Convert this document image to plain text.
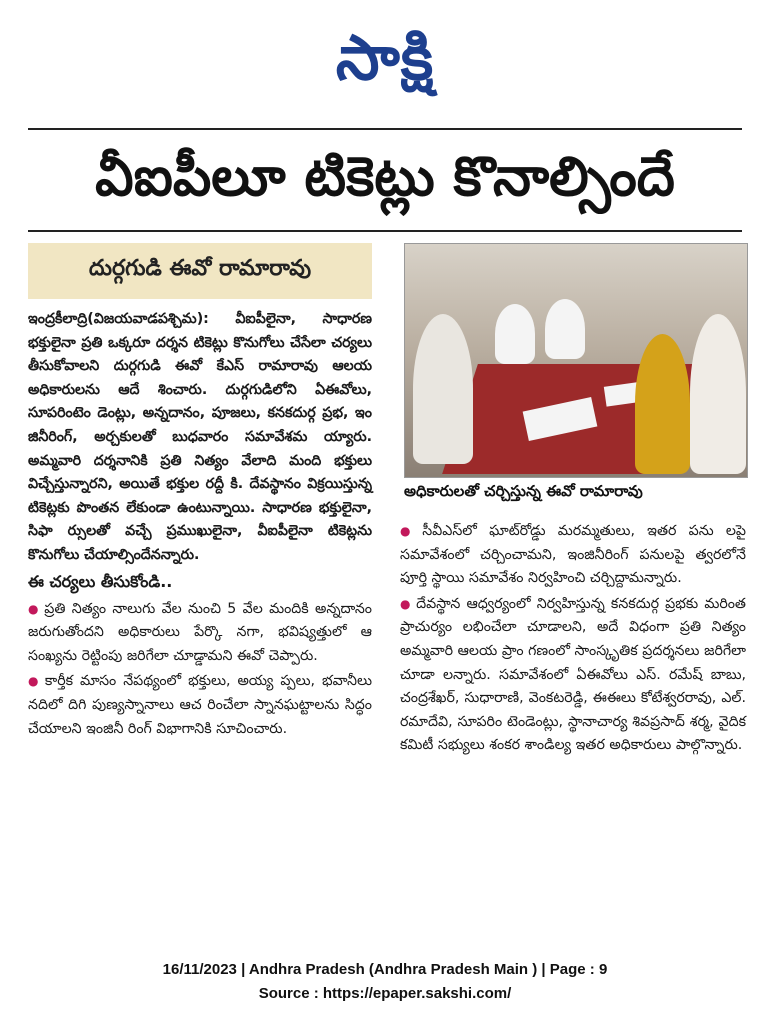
సాక్షి
వీఐపీలూ టికెట్లు కొనాల్సిందే
దుర్గగుడి ఈవో రామారావు

ఇంద్రకీలాద్రి(విజయవాడపశ్చిమ): వీఐపీలైనా, సాధారణ భక్తులైనా ప్రతి ఒక్కరూ దర్శన టికెట్లు కొనుగోలు చేసేలా చర్యలు తీసుకోవాలని దుర్గగుడి ఈవో కేఎస్ రామారావు ఆలయ అధికారులను ఆదే శించారు. దుర్గగుడిలోని ఏఈవోలు, సూపరింటెం డెంట్లు, అన్నదానం, పూజలు, కనకదుర్గ ప్రభ, ఇం జినీరింగ్, అర్చకులతో బుధవారం సమావేశమ య్యారు. అమ్మవారి దర్శనానికి ప్రతి నిత్యం వేలాది మంది భక్తులు విచ్చేస్తున్నారని, అయితే భక్తుల రద్దీ కి. దేవస్థానం విక్రయిస్తున్న టికెట్లకు పొంతన లేకుండా ఉంటున్నాయి. సాధారణ భక్తులైనా, సిఫా ర్సులతో వచ్చే ప్రముఖులైనా, వీఐపీలైనా టికెట్లను కొనుగోలు చేయాల్సిందేనన్నారు.

ఈ చర్యలు తీసుకోండి..

● ప్రతి నిత్యం నాలుగు వేల నుంచి 5 వేల మందికి అన్నదానం జరుగుతోందని అధికారులు పేర్కొ నగా, భవిష్యత్తులో ఆ సంఖ్యను రెట్టింపు జరిగేలా చూడ్డామని ఈవో చెప్పారు.

● కార్తీక మాసం నేపథ్యంలో భక్తులు, అయ్య ప్పలు, భవానీలు నదిలో దిగి పుణ్యస్నానాలు ఆచ రించేలా స్నానఘట్టాలను సిద్ధం చేయాలని ఇంజినీ రింగ్ విభాగానికి సూచించారు.

అధికారులతో చర్చిస్తున్న ఈవో రామారావు

● సీవీఎస్‌లో ఘాట్‌రోడ్డు మరమ్మతులు, ఇతర పను లపై సమావేశంలో చర్చించామని, ఇంజినీరింగ్ పనులపై త్వరలోనే పూర్తి స్థాయి సమావేశం నిర్వహించి చర్చిద్దామన్నారు.

● దేవస్థాన ఆధ్వర్యంలో నిర్వహిస్తున్న కనకదుర్గ ప్రభకు మరింత ప్రాచుర్యం లభించేలా చూడాలని, అదే విధంగా ప్రతి నిత్యం అమ్మవారి ఆలయ ప్రాం గణంలో సాంస్కృతిక ప్రదర్శనలు జరిగేలా చూడా లన్నారు. సమావేశంలో ఏఈవోలు ఎస్. రమేష్ బాబు, చంద్రశేఖర్, సుధారాణి, వెంకటరెడ్డి, ఈఈలు కోటేశ్వరరావు, ఎల్. రమాదేవి, సూపరిం టెండెంట్లు, స్థానాచార్య శివప్రసాద్ శర్మ, వైదిక కమిటీ సభ్యులు శంకర శాండిల్య ఇతర అధికారులు పాల్గొన్నారు.

16/11/2023 | Andhra Pradesh (Andhra Pradesh Main ) | Page : 9
Source : https://epaper.sakshi.com/
